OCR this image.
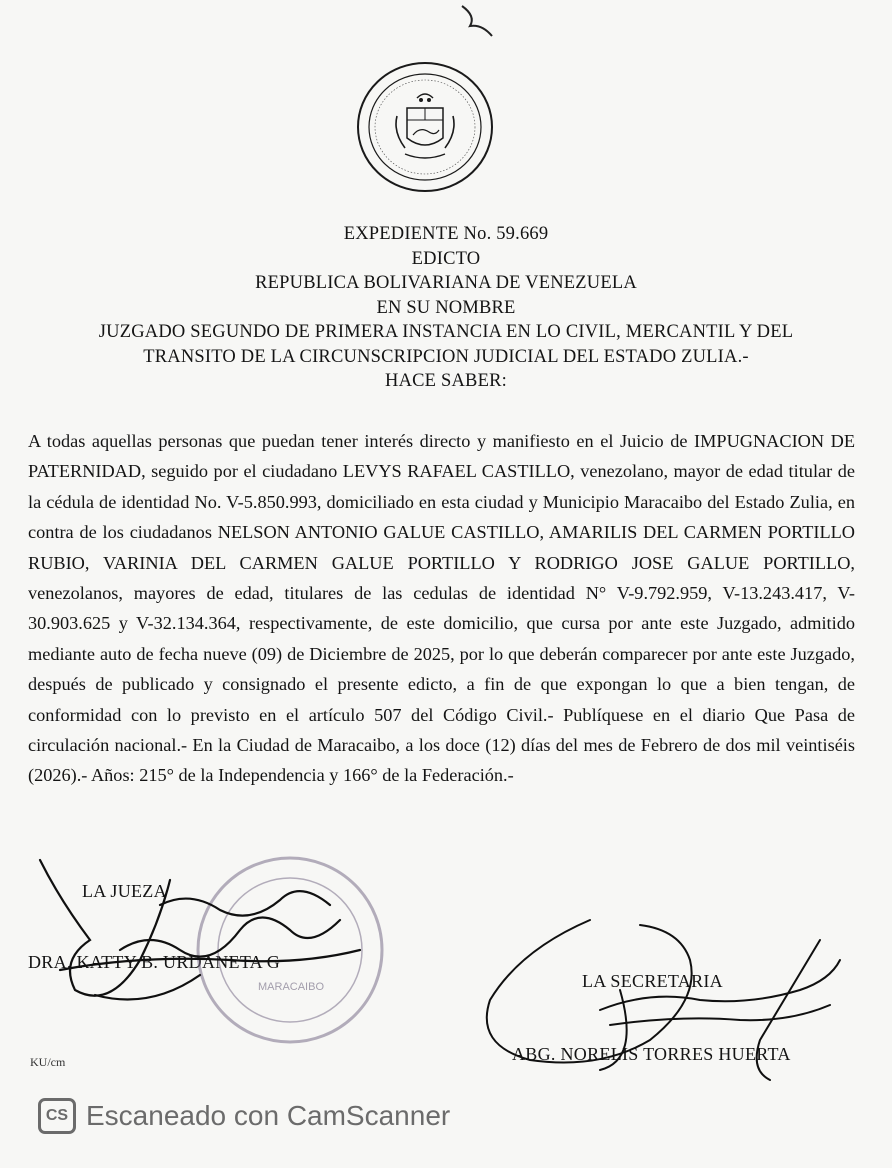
EXPEDIENTE No. 59.669
EDICTO
REPUBLICA BOLIVARIANA DE VENEZUELA
EN SU NOMBRE
JUZGADO SEGUNDO DE PRIMERA INSTANCIA EN LO CIVIL, MERCANTIL Y DEL
TRANSITO DE LA CIRCUNSCRIPCION JUDICIAL DEL ESTADO ZULIA.-
HACE SABER:

A todas aquellas personas que puedan tener interés directo y manifiesto en el Juicio de IMPUGNACION DE PATERNIDAD, seguido por el ciudadano LEVYS RAFAEL CASTILLO, venezolano, mayor de edad titular de la cédula de identidad No. V-5.850.993, domiciliado en esta ciudad y Municipio Maracaibo del Estado Zulia, en contra de los ciudadanos NELSON ANTONIO GALUE CASTILLO, AMARILIS DEL CARMEN PORTILLO RUBIO, VARINIA DEL CARMEN GALUE PORTILLO Y RODRIGO JOSE GALUE PORTILLO, venezolanos, mayores de edad, titulares de las cedulas de identidad N° V-9.792.959, V-13.243.417, V-30.903.625 y V-32.134.364, respectivamente, de este domicilio, que cursa por ante este Juzgado, admitido mediante auto de fecha nueve (09) de Diciembre de 2025, por lo que deberán comparecer por ante este Juzgado, después de publicado y consignado el presente edicto, a fin de que expongan lo que a bien tengan, de conformidad con lo previsto en el artículo 507 del Código Civil.- Publíquese en el diario Que Pasa de circulación nacional.- En la Ciudad de Maracaibo, a los doce (12) días del mes de Febrero de dos mil veintiséis (2026).- Años: 215° de la Independencia y 166° de la Federación.-

LA JUEZA
DRA. KATTY B. URDANETA G
LA SECRETARIA
ABG. NORELIS TORRES HUERTA
KU/cm
MARACAIBO
CS Escaneado con CamScanner
